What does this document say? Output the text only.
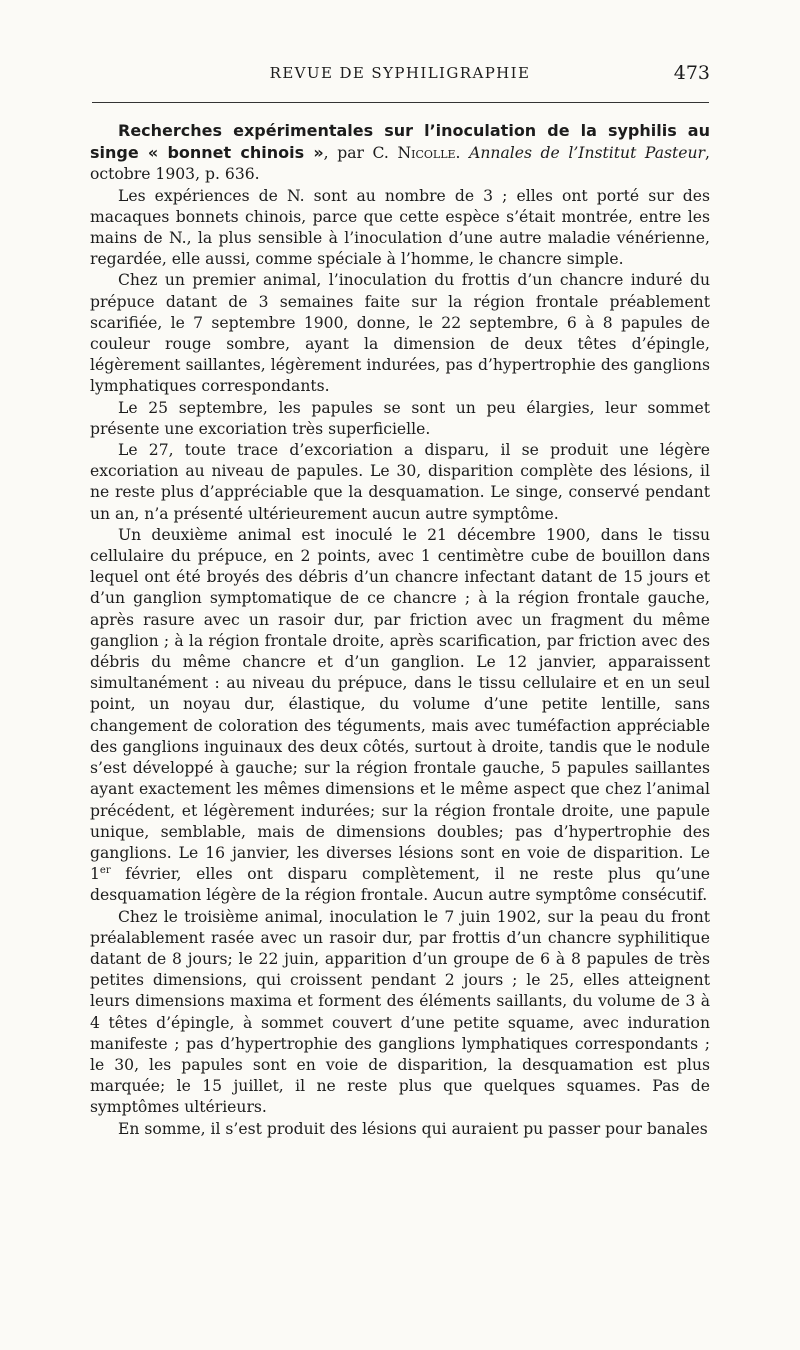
REVUE DE SYPHILIGRAPHIE	473

Recherches expérimentales sur l’inoculation de la syphilis au singe « bonnet chinois », par C. Nicolle. Annales de l’Institut Pasteur, octobre 1903, p. 636.

Les expériences de N. sont au nombre de 3 ; elles ont porté sur des macaques bonnets chinois, parce que cette espèce s’était montrée, entre les mains de N., la plus sensible à l’inoculation d’une autre maladie vénérienne, regardée, elle aussi, comme spéciale à l’homme, le chancre simple.

Chez un premier animal, l’inoculation du frottis d’un chancre induré du prépuce datant de 3 semaines faite sur la région frontale préablement scarifiée, le 7 septembre 1900, donne, le 22 septembre, 6 à 8 papules de couleur rouge sombre, ayant la dimension de deux têtes d’épingle, légèrement saillantes, légèrement indurées, pas d’hypertrophie des ganglions lymphatiques correspondants.

Le 25 septembre, les papules se sont un peu élargies, leur sommet présente une excoriation très superficielle.

Le 27, toute trace d’excoriation a disparu, il se produit une légère excoriation au niveau de papules. Le 30, disparition complète des lésions, il ne reste plus d’appréciable que la desquamation. Le singe, conservé pendant un an, n’a présenté ultérieurement aucun autre symptôme.

Un deuxième animal est inoculé le 21 décembre 1900, dans le tissu cellulaire du prépuce, en 2 points, avec 1 centimètre cube de bouillon dans lequel ont été broyés des débris d’un chancre infectant datant de 15 jours et d’un ganglion symptomatique de ce chancre ; à la région frontale gauche, après rasure avec un rasoir dur, par friction avec un fragment du même ganglion ; à la région frontale droite, après scarification, par friction avec des débris du même chancre et d’un ganglion. Le 12 janvier, apparaissent simultanément : au niveau du prépuce, dans le tissu cellulaire et en un seul point, un noyau dur, élastique, du volume d’une petite lentille, sans changement de coloration des téguments, mais avec tuméfaction appréciable des ganglions inguinaux des deux côtés, surtout à droite, tandis que le nodule s’est développé à gauche; sur la région frontale gauche, 5 papules saillantes ayant exactement les mêmes dimensions et le même aspect que chez l’animal précédent, et légèrement indurées; sur la région frontale droite, une papule unique, semblable, mais de dimensions doubles; pas d’hypertrophie des ganglions. Le 16 janvier, les diverses lésions sont en voie de disparition. Le 1er février, elles ont disparu complètement, il ne reste plus qu’une desquamation légère de la région frontale. Aucun autre symptôme consécutif.

Chez le troisième animal, inoculation le 7 juin 1902, sur la peau du front préalablement rasée avec un rasoir dur, par frottis d’un chancre syphilitique datant de 8 jours; le 22 juin, apparition d’un groupe de 6 à 8 papules de très petites dimensions, qui croissent pendant 2 jours ; le 25, elles atteignent leurs dimensions maxima et forment des éléments saillants, du volume de 3 à 4 têtes d’épingle, à sommet couvert d’une petite squame, avec induration manifeste ; pas d’hypertrophie des ganglions lymphatiques correspondants ; le 30, les papules sont en voie de disparition, la desquamation est plus marquée; le 15 juillet, il ne reste plus que quelques squames. Pas de symptômes ultérieurs.

En somme, il s’est produit des lésions qui auraient pu passer pour banales
